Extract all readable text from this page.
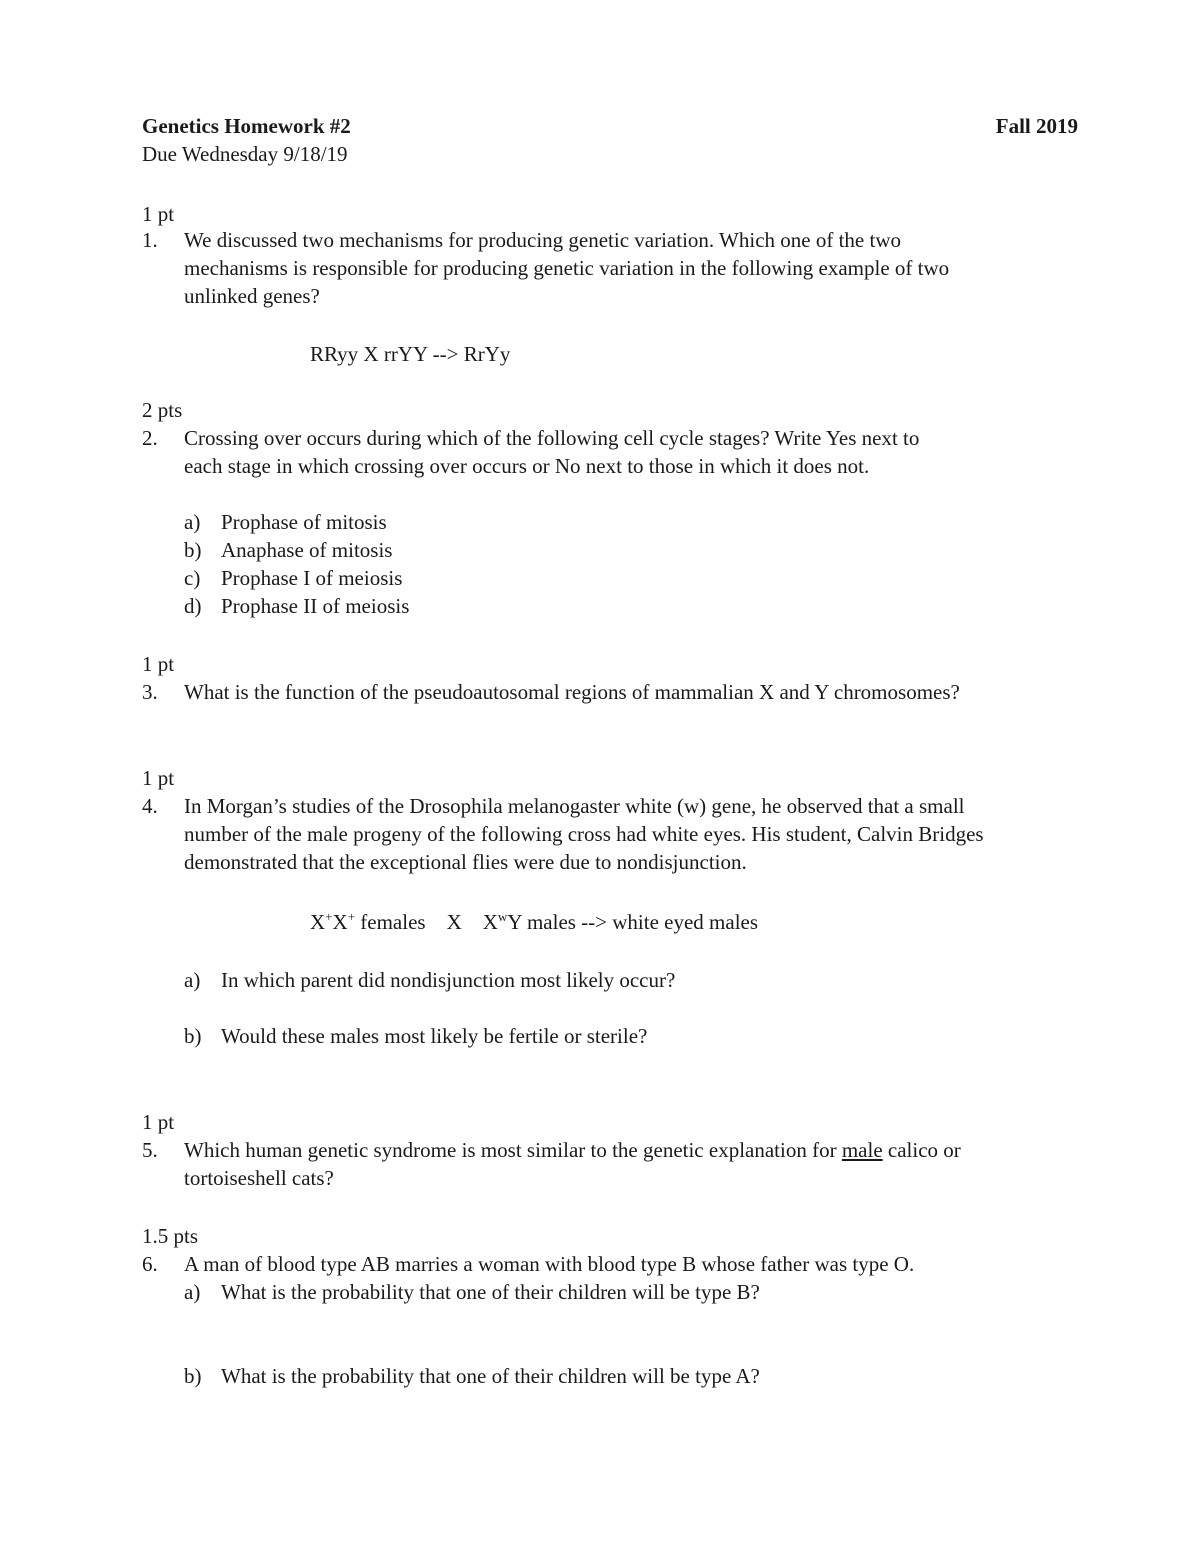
Genetics Homework #2	Fall 2019
Due Wednesday 9/18/19
1 pt
1. We discussed two mechanisms for producing genetic variation. Which one of the two
mechanisms is responsible for producing genetic variation in the following example of two
unlinked genes?
RRyy X rrYY --> RrYy
2 pts
2. Crossing over occurs during which of the following cell cycle stages? Write Yes next to
each stage in which crossing over occurs or No next to those in which it does not.
a) Prophase of mitosis
b) Anaphase of mitosis
c) Prophase I of meiosis
d) Prophase II of meiosis
1 pt
3. What is the function of the pseudoautosomal regions of mammalian X and Y chromosomes?
1 pt
4. In Morgan’s studies of the Drosophila melanogaster white (w) gene, he observed that a small
number of the male progeny of the following cross had white eyes. His student, Calvin Bridges
demonstrated that the exceptional flies were due to nondisjunction.
X+X+ females    X    $X^wY$ males --> white eyed males
a) In which parent did nondisjunction most likely occur?
b) Would these males most likely be fertile or sterile?
1 pt
5. Which human genetic syndrome is most similar to the genetic explanation for male calico or
tortoiseshell cats?
1.5 pts
6. A man of blood type AB marries a woman with blood type B whose father was type O.
a) What is the probability that one of their children will be type B?
b) What is the probability that one of their children will be type A?
